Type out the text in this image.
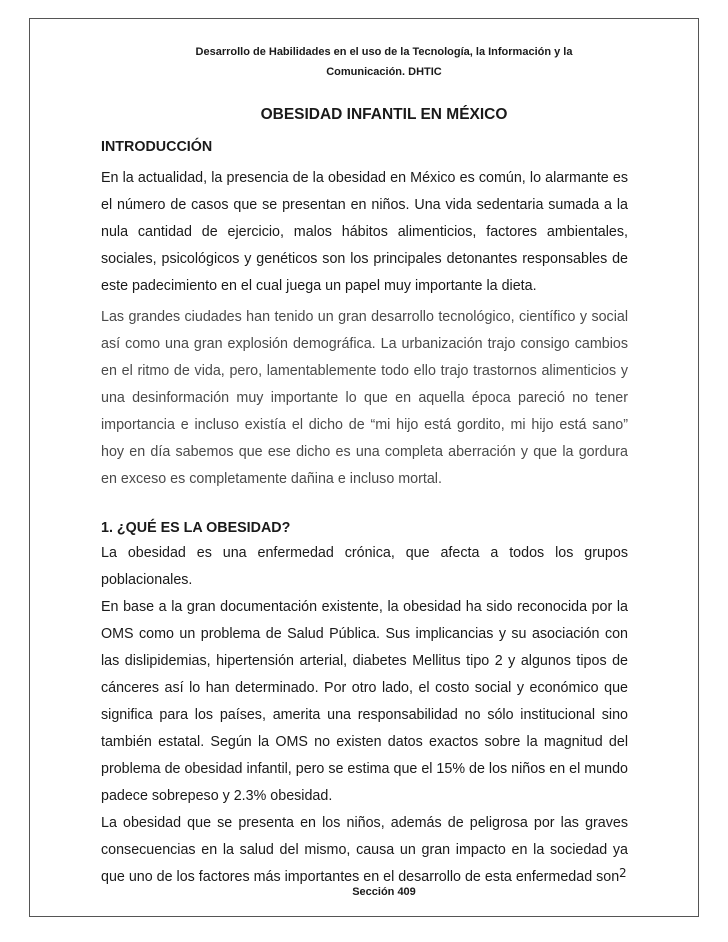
Desarrollo de Habilidades en el uso de la Tecnología, la Información y la
Comunicación. DHTIC
OBESIDAD INFANTIL EN MÉXICO

INTRODUCCIÓN

En la actualidad, la presencia de la obesidad en México es común, lo alarmante es el número de casos que se presentan en niños. Una vida sedentaria sumada a la nula cantidad de ejercicio, malos hábitos alimenticios, factores ambientales, sociales, psicológicos y genéticos son los principales detonantes responsables de este padecimiento en el cual juega un papel muy importante la dieta.

Las grandes ciudades han tenido un gran desarrollo tecnológico, científico y social así como una gran explosión demográfica. La urbanización trajo consigo cambios en el ritmo de vida, pero, lamentablemente todo ello trajo trastornos alimenticios y una desinformación muy importante lo que en aquella época pareció no tener importancia e incluso existía el dicho de “mi hijo está gordito, mi hijo está sano” hoy en día sabemos que ese dicho es una completa aberración y que la gordura en exceso es completamente dañina e incluso mortal.

1. ¿QUÉ ES LA OBESIDAD?

La obesidad es una enfermedad crónica, que afecta a todos los grupos poblacionales.

En base a la gran documentación existente, la obesidad ha sido reconocida por la OMS como un problema de Salud Pública. Sus implicancias y su asociación con las dislipidemias, hipertensión arterial, diabetes Mellitus tipo 2 y algunos tipos de cánceres así lo han determinado. Por otro lado, el costo social y económico que significa para los países, amerita una responsabilidad no sólo institucional sino también estatal. Según la OMS no existen datos exactos sobre la magnitud del problema de obesidad infantil, pero se estima que el 15% de los niños en el mundo padece sobrepeso y 2.3% obesidad.

La obesidad que se presenta en los niños, además de peligrosa por las graves consecuencias en la salud del mismo, causa un gran impacto en la sociedad ya que uno de los factores más importantes en el desarrollo de esta enfermedad son 2
Sección 409
